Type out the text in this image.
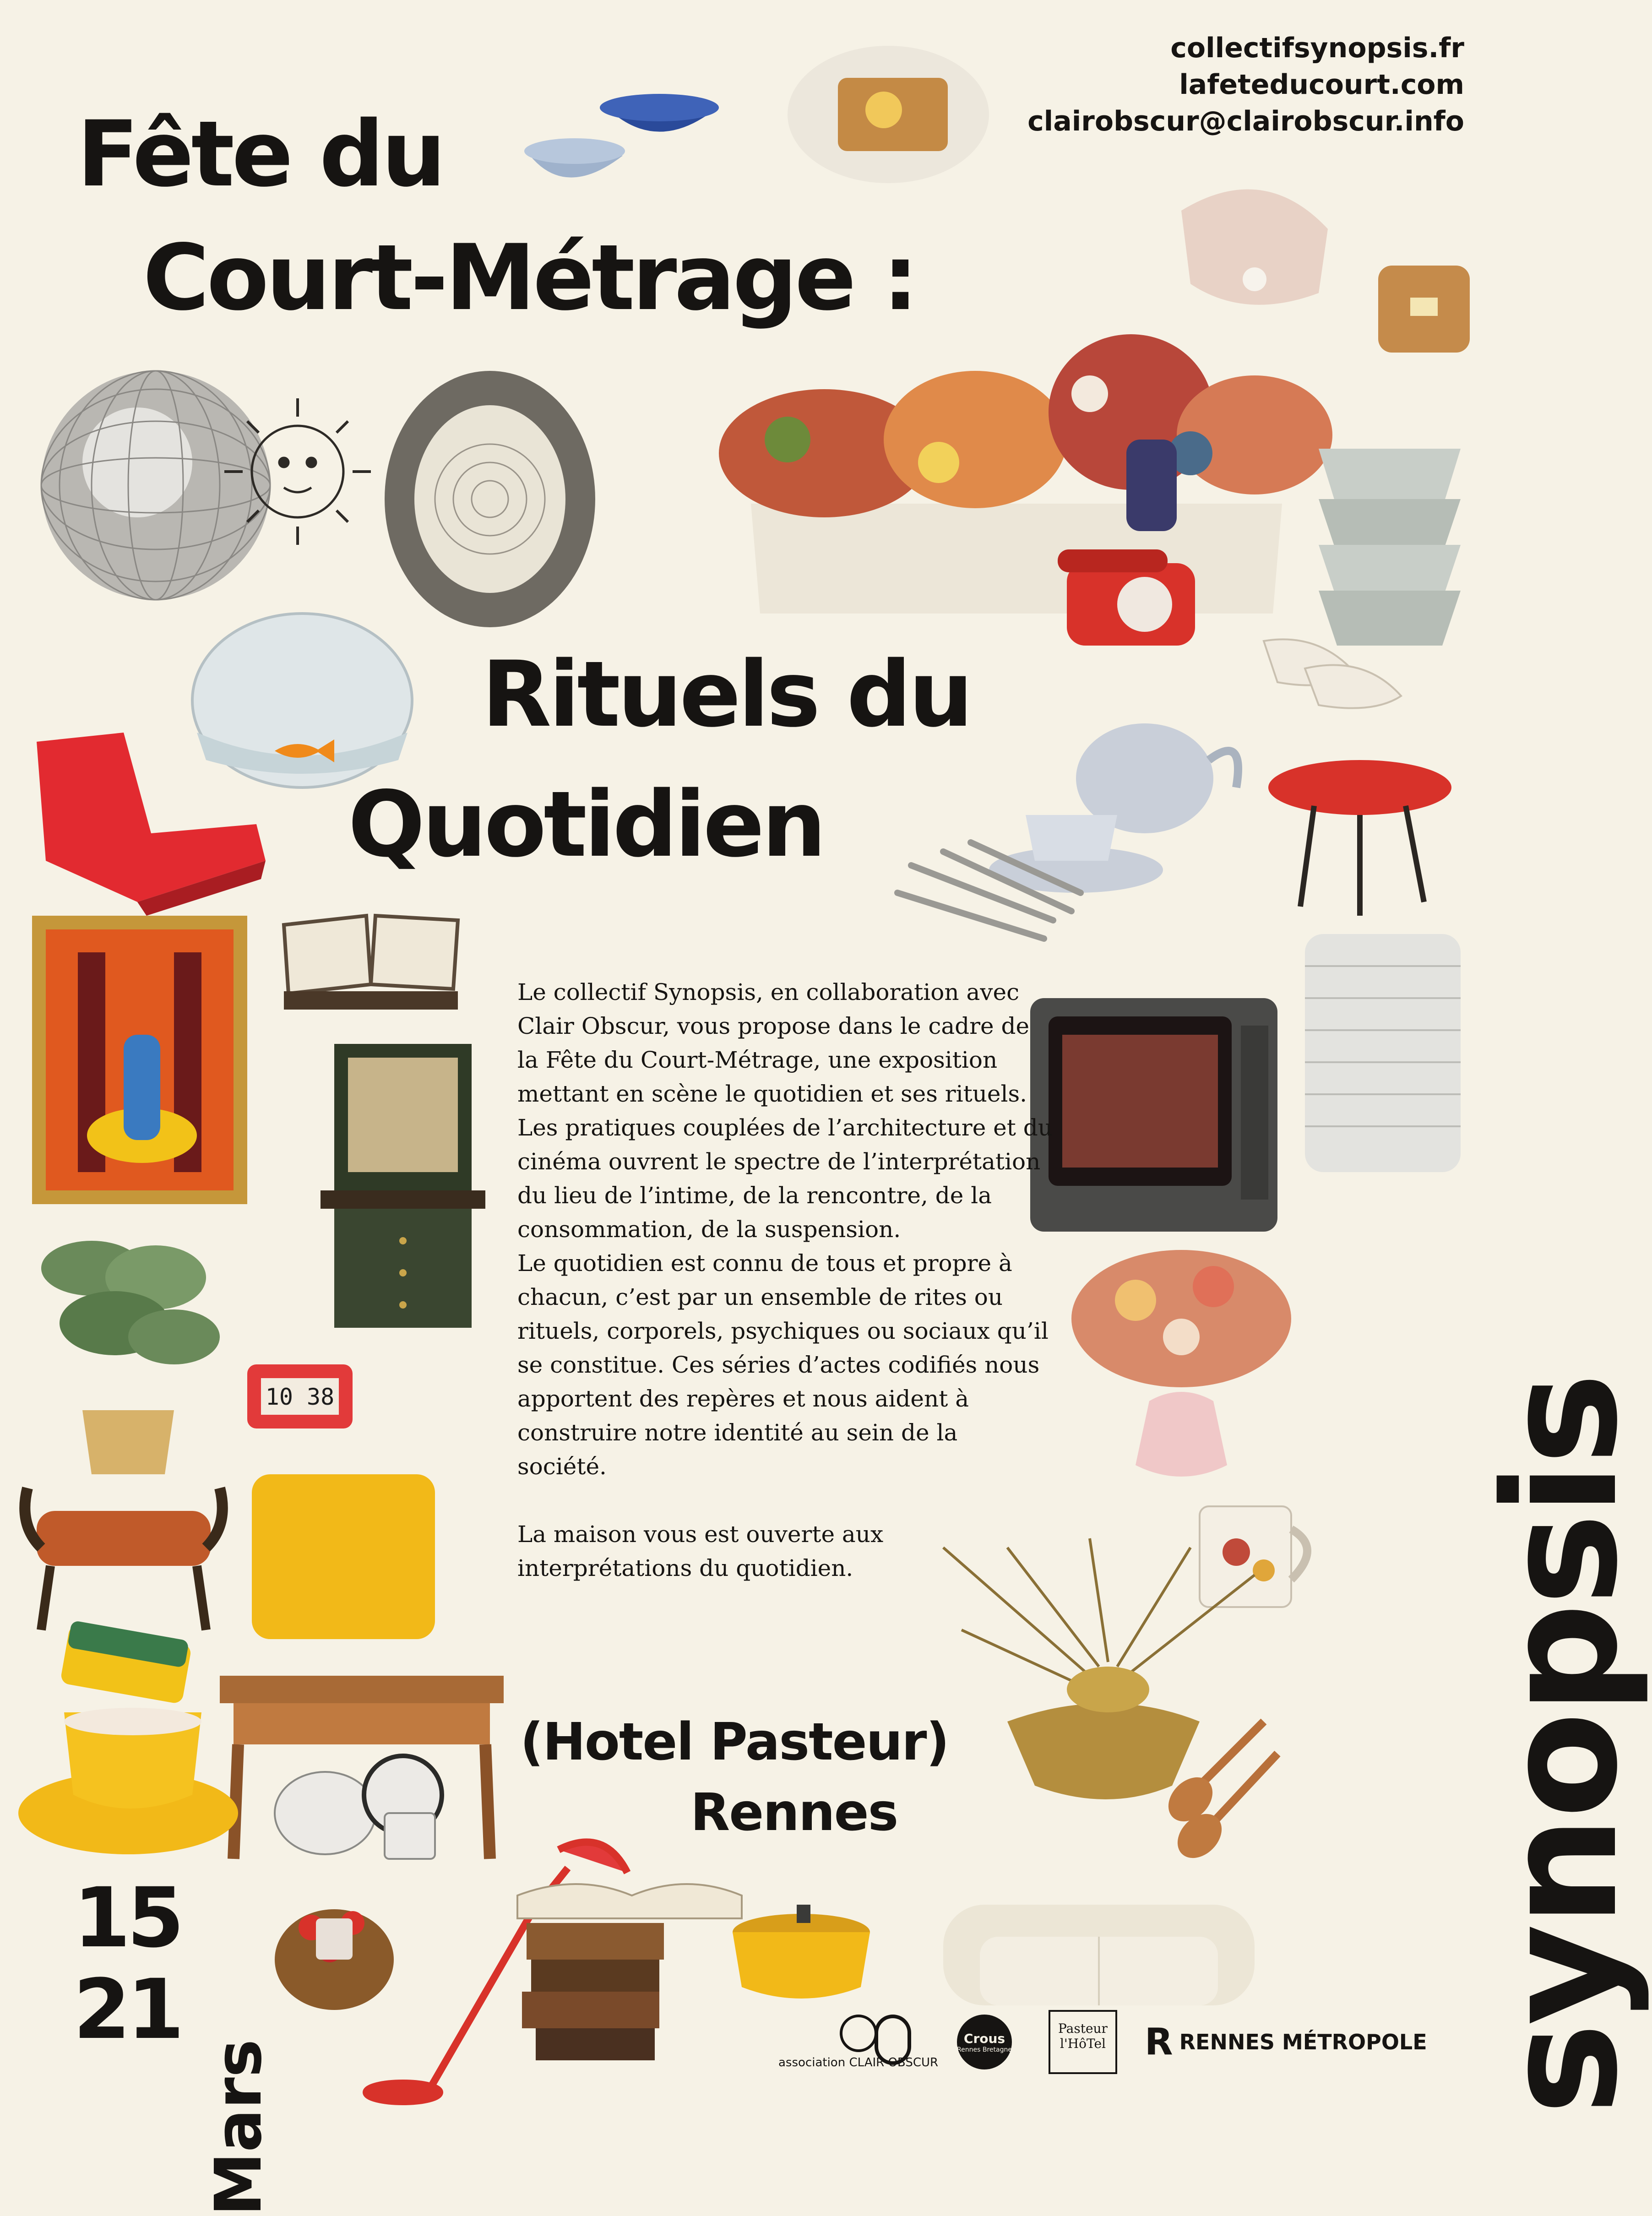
collectifsynopsis.fr
lafeteducourt.com
clairobscur@clairobscur.info
Fête du
Court-Métrage :
Rituels du
Quotidien
10 38

Le collectif Synopsis, en collaboration avec Clair Obscur, vous propose dans le cadre de la Fête du Court-Métrage, une exposition mettant en scène le quotidien et ses rituels. Les pratiques couplées de l’architecture et du cinéma ouvrent le spectre de l’interprétation du lieu de l’intime, de la rencontre, de la consommation, de la suspension.

Le quotidien est connu de tous et propre à chacun, c’est par un ensemble de rites ou rituels, corporels, psychiques ou sociaux qu’il se constitue. Ces séries d’actes codifiés nous apportent des repères et nous aident à construire notre identité au sein de la société.

La maison vous est ouverte aux interprétations du quotidien.

(Hotel Pasteur)
Rennes
15
21
Mars
synopsis
association CLAIR OBSCUR
Crous
Rennes Bretagne
Pasteur l'HôTel	R RENNES MÉTROPOLE
